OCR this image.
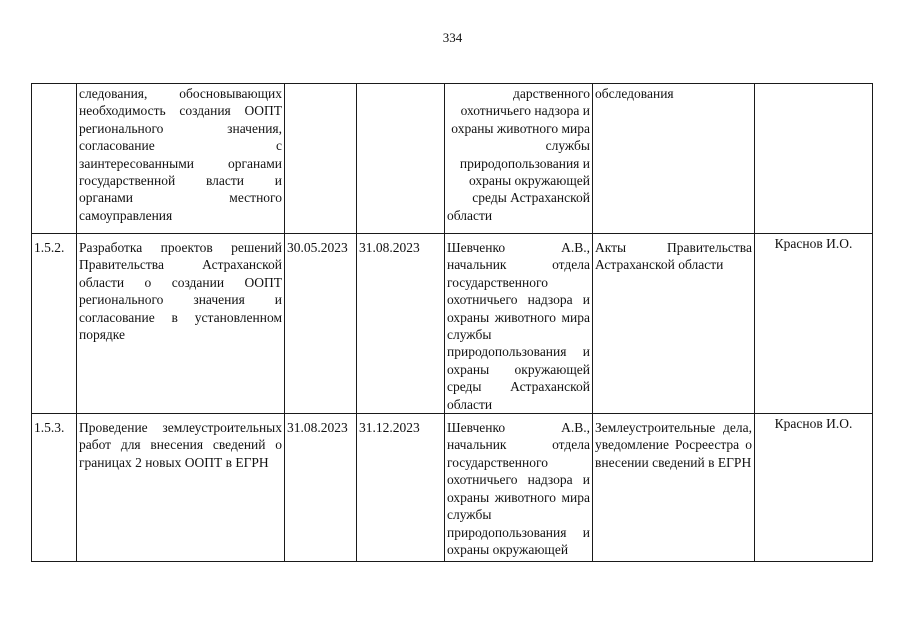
334
	следования, обосновывающих необходимость создания ООПТ регионального значения, согласование с заинтересованными органами государственной власти и органами местного самоуправления			дарственного охотничьего надзора и охраны животного мира службы природопользования и охраны окружающей среды Астраханской области	обследования	
1.5.2.	Разработка проектов решений Правительства Астраханской области о создании ООПТ регионального значения и согласование в установленном порядке	30.05.2023	31.08.2023	Шевченко А.В., начальник отдела государственного охотничьего надзора и охраны животного мира службы природопользования и охраны окружающей среды Астраханской области	Акты Правительства Астраханской области	Краснов И.О.
1.5.3.	Проведение землеустроительных работ для внесения сведений о границах 2 новых ООПТ в ЕГРН	31.08.2023	31.12.2023	Шевченко А.В., начальник отдела государственного охотничьего надзора и охраны животного мира службы природопользования и охраны окружающей	Землеустроительные дела, уведомление Росреестра о внесении сведений в ЕГРН	Краснов И.О.
